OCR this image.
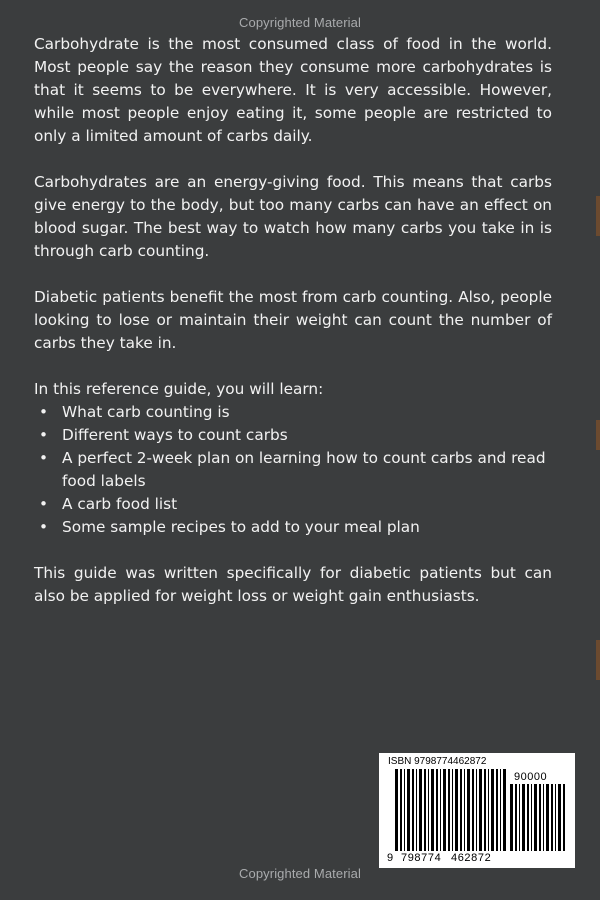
Copyrighted Material

Carbohydrate is the most consumed class of food in the world. Most people say the reason they consume more carbohydrates is that it seems to be everywhere. It is very accessible. However, while most people enjoy eating it, some people are restricted to only a limited amount of carbs daily.

Carbohydrates are an energy-giving food. This means that carbs give energy to the body, but too many carbs can have an effect on blood sugar. The best way to watch how many carbs you take in is through carb counting.

Diabetic patients benefit the most from carb counting. Also, people looking to lose or maintain their weight can count the number of carbs they take in.

In this reference guide, you will learn:

• What carb counting is
• Different ways to count carbs
• A perfect 2-week plan on learning how to count carbs and read food labels
• A carb food list
• Some sample recipes to add to your meal plan

This guide was written specifically for diabetic patients but can also be applied for weight loss or weight gain enthusiasts.

ISBN 9798774462872
90000
9 798774 462872
Copyrighted Material
